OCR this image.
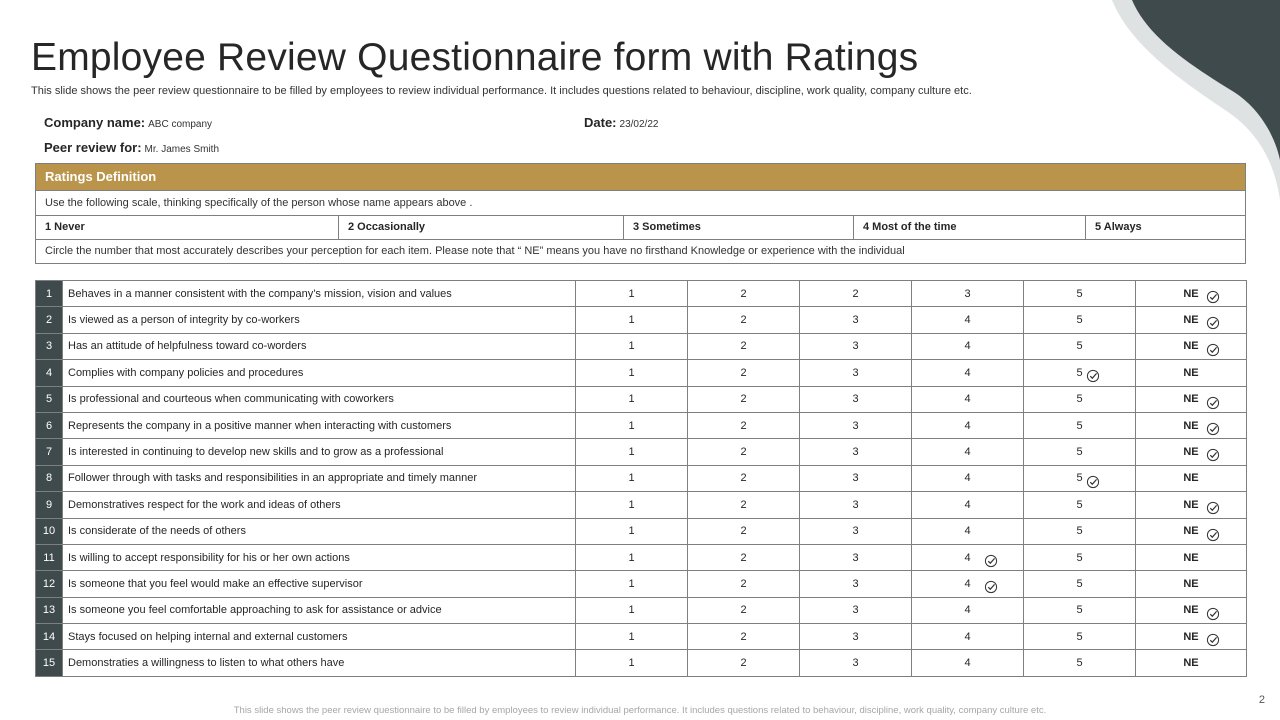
Employee Review Questionnaire form with Ratings
This slide shows the peer review questionnaire to be filled by employees to review individual performance. It includes questions related to behaviour, discipline, work quality, company culture etc.
Company name: ABC company	Date: 23/02/22
Peer review for: Mr. James Smith
Ratings Definition
Use the following scale, thinking specifically of the person whose name appears above .
1 Never	2 Occasionally	3 Sometimes	4 Most of the time	5 Always
Circle the number that most accurately describes your perception for each item. Please note that “ NE” means you have no firsthand Knowledge or experience with the individual
1	Behaves in a manner consistent with the company’s mission, vision and values	1	2	2	3	5	NE

2	Is viewed as a person of integrity by co-workers	1	2	3	4	5	NE

3	Has an attitude of helpfulness toward co-worders	1	2	3	4	5	NE

4	Complies with company policies and procedures	1	2	3	4	5	NE
5	Is professional and courteous when communicating with coworkers	1	2	3	4	5	NE

6	Represents the company in a positive manner when interacting with customers	1	2	3	4	5	NE

7	Is interested in continuing to develop new skills and to grow as a professional	1	2	3	4	5	NE

8	Follower through with tasks and responsibilities in an appropriate and timely manner	1	2	3	4	5	NE
9	Demonstratives respect for the work and ideas of others	1	2	3	4	5	NE

10	Is considerate of the needs of others	1	2	3	4	5	NE

11	Is willing to accept responsibility for his or her own actions	1	2	3	4	5	NE
12	Is someone that you feel would make an effective supervisor	1	2	3	4	5	NE
13	Is someone you feel comfortable approaching to ask for assistance or advice	1	2	3	4	5	NE

14	Stays focused on helping internal and external customers	1	2	3	4	5	NE

15	Demonstraties a willingness to listen to what others have	1	2	3	4	5	NE
This slide shows the peer review questionnaire to be filled by employees to review individual performance. It includes questions related to behaviour, discipline, work quality, company culture etc.
2
